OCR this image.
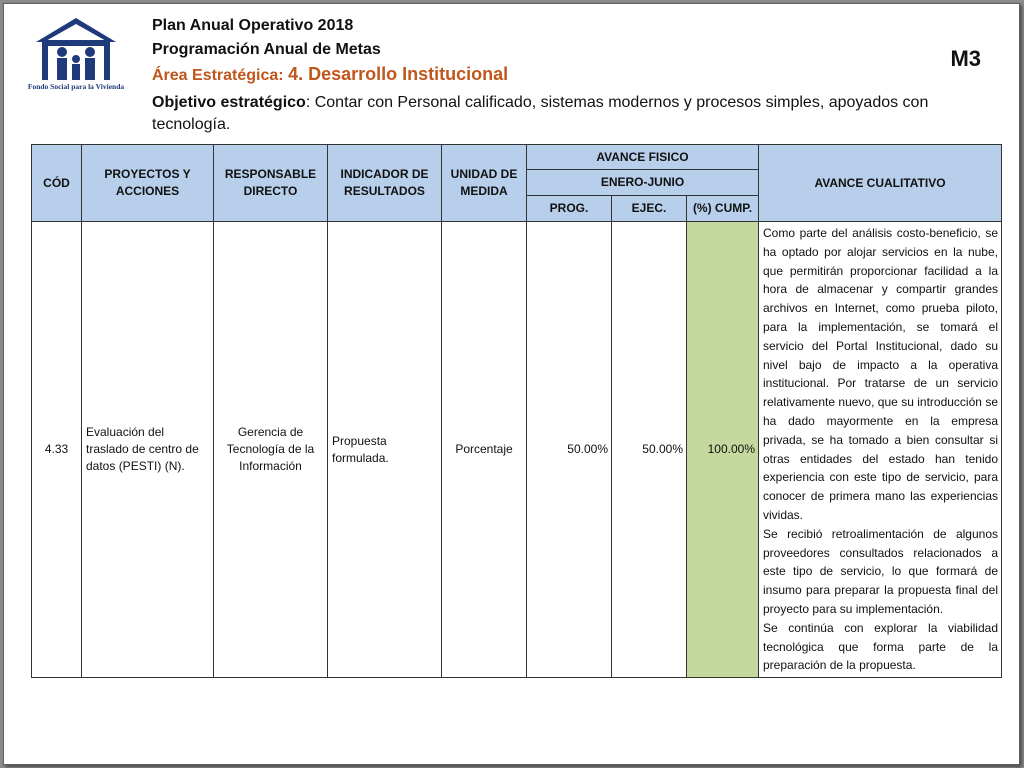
Fondo Social para la Vivienda
Plan Anual Operativo 2018
Programación Anual de Metas
Área Estratégica: 4. Desarrollo Institucional
Objetivo estratégico: Contar con Personal calificado, sistemas modernos y procesos simples, apoyados con tecnología.
M3
CÓD	PROYECTOS Y ACCIONES	RESPONSABLE DIRECTO	INDICADOR DE RESULTADOS	UNIDAD DE MEDIDA	AVANCE FISICO			AVANCE CUALITATIVO
					ENERO-JUNIO			
					PROG.	EJEC.	(%) CUMP.	
4.33	Evaluación del traslado de centro de datos (PESTI) (N).	Gerencia de Tecnología de la Información	Propuesta formulada.	Porcentaje	50.00%	50.00%	100.00%	Como parte del análisis costo-beneficio, se ha optado por alojar servicios en la nube, que permitirán proporcionar facilidad a la hora de almacenar y compartir grandes archivos en Internet, como prueba piloto, para la implementación, se tomará el servicio del Portal Institucional, dado su nivel bajo de impacto a la operativa institucional. Por tratarse de un servicio relativamente nuevo, que su introducción se ha dado mayormente en la empresa privada, se ha tomado a bien consultar si otras entidades del estado han tenido experiencia con este tipo de servicio, para conocer de primera mano las experiencias vividas.

Se recibió retroalimentación de algunos proveedores consultados relacionados a este tipo de servicio, lo que formará de insumo para preparar la propuesta final del proyecto para su implementación.

Se continúa con explorar la viabilidad tecnológica que forma parte de la preparación de la propuesta.
